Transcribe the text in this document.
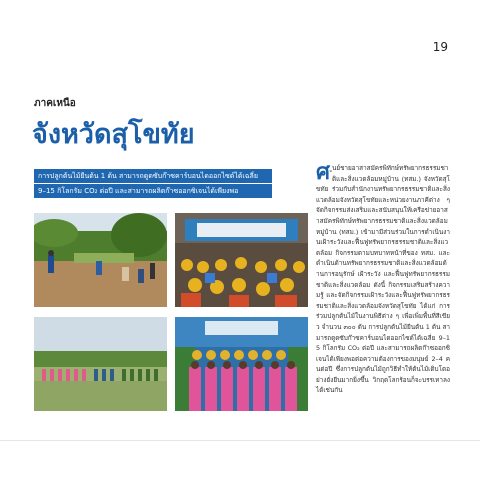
19
ภาคเหนือ
จังหวัดสุโขทัย
การปลูกต้นไม้ยืนต้น 1 ต้น สามารถดูดซับก๊าซคาร์บอนไดออกไซด์ได้เฉลี่ย
9–15 กิโลกรัม CO₂ ต่อปี และสามารถผลิตก๊าซออกซิเจนได้เพียงพอ
ศ ูนย์ชายอาสาสมัครพิทักษ์ทรัพยากรธรรมชาติและสิ่งแวดล้อมหมู่บ้าน (ทสม.) จังหวัดสุโขทัย ร่วมกับสำนักงานทรัพยากรธรรมชาติและสิ่งแวดล้อมจังหวัดสุโขทัยและหน่วยงานภาคีต่าง ๆ จัดกิจกรรมส่งเสริมและสนับสนุนให้เครือข่ายอาสาสมัครพิทักษ์ทรัพยากรธรรมชาติและสิ่งแวดล้อมหมู่บ้าน (ทสม.) เข้ามามีส่วนร่วมในการดำเนินงานเฝ้าระวังและฟื้นฟูทรัพยากรธรรมชาติและสิ่งแวดล้อม กิจกรรมตามบทบาทหน้าที่ของ ทสม. และดำเนินด้านทรัพยากรธรรมชาติและสิ่งแวดล้อมด้านการอนุรักษ์ เฝ้าระวัง และฟื้นฟูทรัพยากรธรรมชาติและสิ่งแวดล้อม ดังนี้ กิจกรรมเสริมสร้างความรู้ และจัดกิจกรรมเฝ้าระวังและฟื้นฟูทรัพยากรธรรมชาติและสิ่งแวดล้อมจังหวัดสุโขทัย ได้แก่ การร่วมปลูกต้นไม้ในงานพิธีต่าง ๆ เพื่อเพิ่มพื้นที่สีเขียว จำนวน ๓๐๐ ต้น การปลูกต้นไม้ยืนต้น 1 ต้น สามารถดูดซับก๊าซคาร์บอนไดออกไซด์ได้เฉลี่ย 9–15 กิโลกรัม CO₂ ต่อปี และสามารถผลิตก๊าซออกซิเจนได้เพียงพอต่อความต้องการของมนุษย์ 2–4 คนต่อปี ซึ่งการปลูกต้นไม้ถูกวิธีทำให้ต้นไม้เติบโตอย่างยั่งยืนมากยิ่งขึ้น วิกฤตโลกร้อนก็จะบรรเทาลงได้เช่นกัน
